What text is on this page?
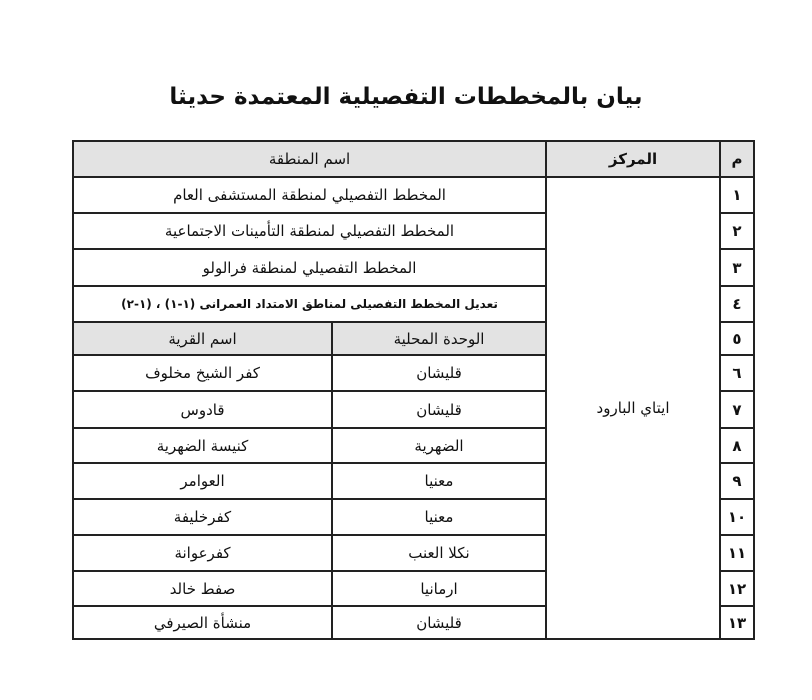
بيان بالمخططات التفصيلية المعتمدة حديثا
م
المركز
اسم المنطقة
ايتاي البارود
١
المخطط التفصيلي لمنطقة المستشفى العام
٢
المخطط التفصيلي لمنطقة التأمينات الاجتماعية
٣
المخطط التفصيلي لمنطقة فرالولو
٤
تعديل المخطط التفصيلى لمناطق الامتداد العمرانى (١-١) ، (١-٢)
٥
الوحدة المحلية
اسم القرية
٦
قليشان
كفر الشيخ مخلوف
٧
قليشان
قادوس
٨
الضهرية
كنيسة الضهرية
٩
معنيا
العوامر
١٠
معنيا
كفرخليفة
١١
نكلا العنب
كفرعوانة
١٢
ارمانيا
صفط خالد
١٣
قليشان
منشأة الصيرفي
